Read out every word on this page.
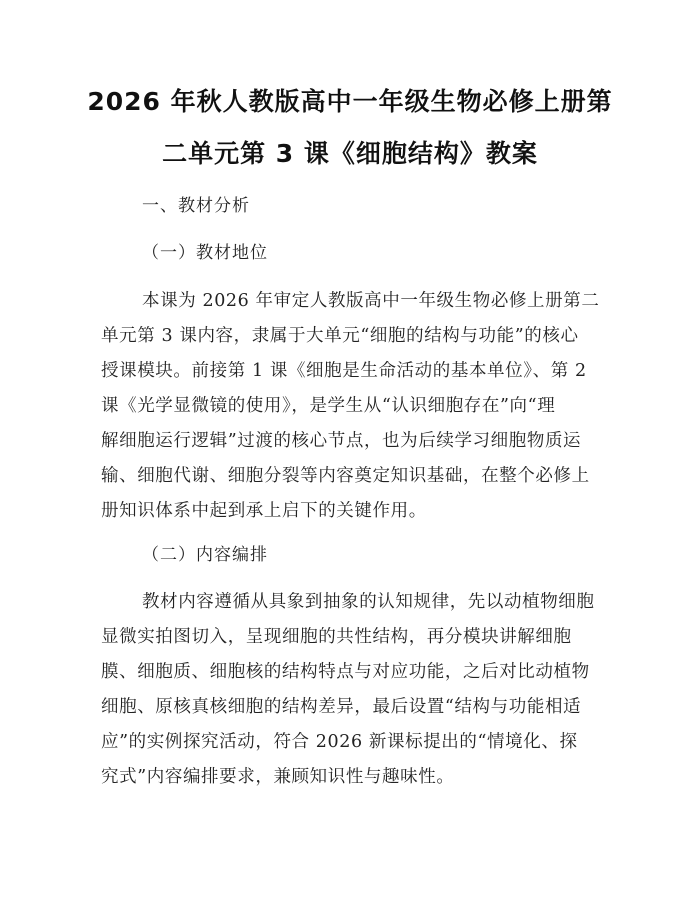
2026 年秋人教版高中一年级生物必修上册第
二单元第 3 课《细胞结构》教案
一、教材分析
（一）教材地位
本课为 2026 年审定人教版高中一年级生物必修上册第二
单元第 3 课内容，隶属于大单元“细胞的结构与功能”的核心
授课模块。前接第 1 课《细胞是生命活动的基本单位》、第 2
课《光学显微镜的使用》，是学生从“认识细胞存在”向“理
解细胞运行逻辑”过渡的核心节点，也为后续学习细胞物质运
输、细胞代谢、细胞分裂等内容奠定知识基础，在整个必修上
册知识体系中起到承上启下的关键作用。
（二）内容编排
教材内容遵循从具象到抽象的认知规律，先以动植物细胞
显微实拍图切入，呈现细胞的共性结构，再分模块讲解细胞
膜、细胞质、细胞核的结构特点与对应功能，之后对比动植物
细胞、原核真核细胞的结构差异，最后设置“结构与功能相适
应”的实例探究活动，符合 2026 新课标提出的“情境化、探
究式”内容编排要求，兼顾知识性与趣味性。
